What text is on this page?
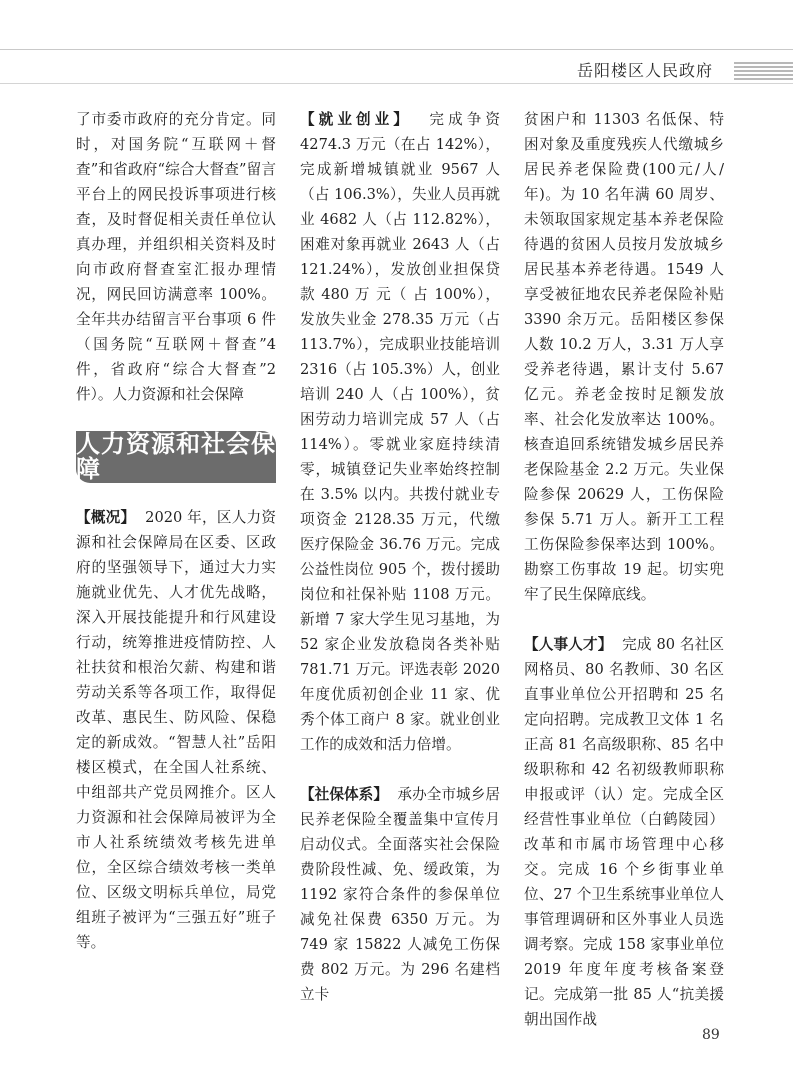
岳阳楼区人民政府

了市委市政府的充分肯定。同时，对国务院“互联网＋督查”和省政府“综合大督查”留言平台上的网民投诉事项进行核查，及时督促相关责任单位认真办理，并组织相关资料及时向市政府督查室汇报办理情况，网民回访满意率 100%。全年共办结留言平台事项 6 件（国务院“互联网＋督查”4 件，省政府“综合大督查”2 件）。人力资源和社会保障

人力资源和社会保障

【概况】 2020 年，区人力资源和社会保障局在区委、区政府的坚强领导下，通过大力实施就业优先、人才优先战略，深入开展技能提升和行风建设行动，统筹推进疫情防控、人社扶贫和根治欠薪、构建和谐劳动关系等各项工作，取得促改革、惠民生、防风险、保稳定的新成效。“智慧人社”岳阳楼区模式，在全国人社系统、中组部共产党员网推介。区人力资源和社会保障局被评为全市人社系统绩效考核先进单位，全区综合绩效考核一类单位、区级文明标兵单位，局党组班子被评为“三强五好”班子等。

【就业创业】 完成争资 4274.3 万元（在占 142%），完成新增城镇就业 9567 人（占 106.3%），失业人员再就业 4682 人（占 112.82%），困难对象再就业 2643 人（占 121.24%），发放创业担保贷款 480 万 元（ 占 100%），发放失业金 278.35 万元（占 113.7%），完成职业技能培训 2316（占 105.3%）人，创业培训 240 人（占 100%），贫困劳动力培训完成 57 人（占 114%）。零就业家庭持续清零，城镇登记失业率始终控制在 3.5% 以内。共拨付就业专项资金 2128.35 万元，代缴医疗保险金 36.76 万元。完成公益性岗位 905 个，拨付援助岗位和社保补贴 1108 万元。新增 7 家大学生见习基地，为 52 家企业发放稳岗各类补贴 781.71 万元。评选表彰 2020 年度优质初创企业 11 家、优秀个体工商户 8 家。就业创业工作的成效和活力倍增。

【社保体系】 承办全市城乡居民养老保险全覆盖集中宣传月启动仪式。全面落实社会保险费阶段性减、免、缓政策，为 1192 家符合条件的参保单位减免社保费 6350 万元。为 749 家 15822 人减免工伤保费 802 万元。为 296 名建档立卡

贫困户和 11303 名低保、特困对象及重度残疾人代缴城乡居民养老保险费(100元/人/年)。为 10 名年满 60 周岁、未领取国家规定基本养老保险待遇的贫困人员按月发放城乡居民基本养老待遇。1549 人享受被征地农民养老保险补贴 3390 余万元。岳阳楼区参保人数 10.2 万人，3.31 万人享受养老待遇，累计支付 5.67 亿元。养老金按时足额发放率、社会化发放率达 100%。核查追回系统错发城乡居民养老保险基金 2.2 万元。失业保险参保 20629 人，工伤保险参保 5.71 万人。新开工工程工伤保险参保率达到 100%。勘察工伤事故 19 起。切实兜牢了民生保障底线。

【人事人才】 完成 80 名社区网格员、80 名教师、30 名区直事业单位公开招聘和 25 名定向招聘。完成教卫文体 1 名正高 81 名高级职称、85 名中级职称和 42 名初级教师职称申报或评（认）定。完成全区经营性事业单位（白鹤陵园）改革和市属市场管理中心移交。完成 16 个乡街事业单位、27 个卫生系统事业单位人事管理调研和区外事业人员选调考察。完成 158 家事业单位 2019 年度年度考核备案登记。完成第一批 85 人“抗美援朝出国作战

89
